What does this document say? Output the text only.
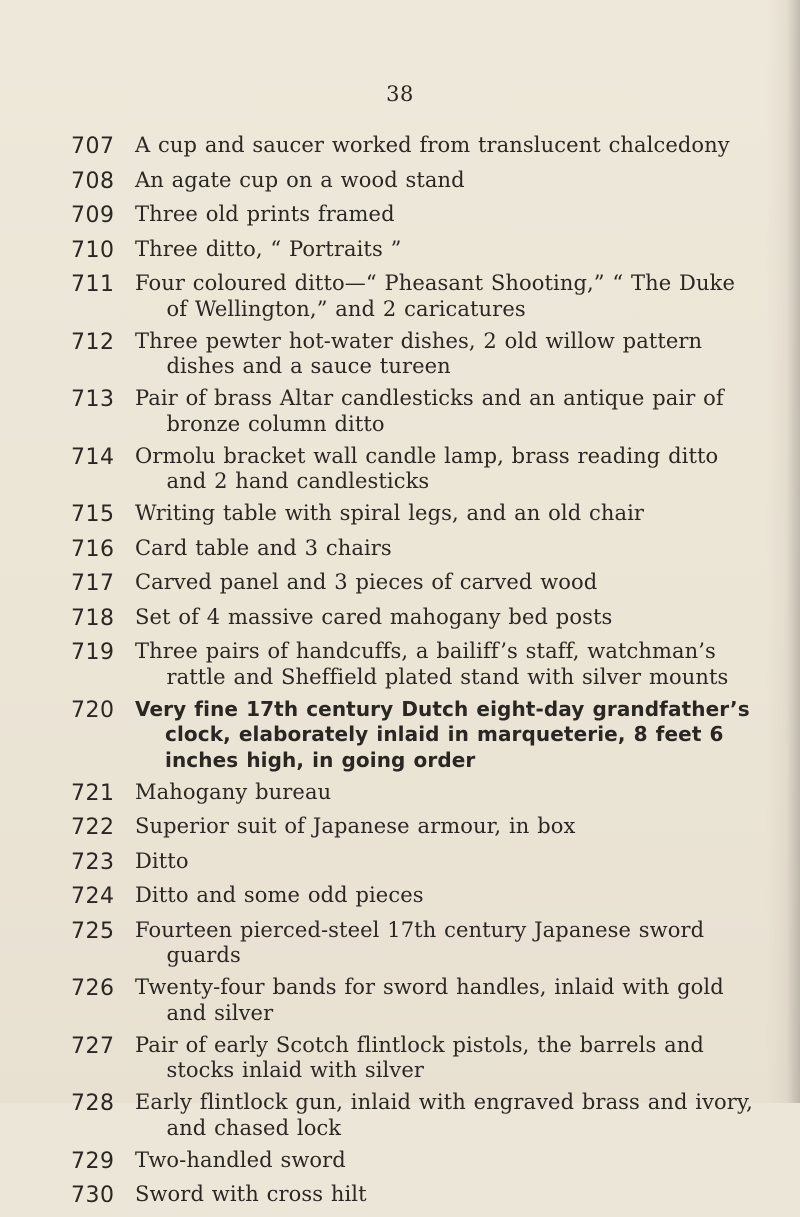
38
707 A cup and saucer worked from translucent chalcedony
708 An agate cup on a wood stand
709 Three old prints framed
710 Three ditto, “ Portraits ”
711 Four coloured ditto—“ Pheasant Shooting,” “ The Duke of Wellington,” and 2 caricatures
712 Three pewter hot-water dishes, 2 old willow pattern dishes and a sauce tureen
713 Pair of brass Altar candlesticks and an antique pair of bronze column ditto
714 Ormolu bracket wall candle lamp, brass reading ditto and 2 hand candlesticks
715 Writing table with spiral legs, and an old chair
716 Card table and 3 chairs
717 Carved panel and 3 pieces of carved wood
718 Set of 4 massive cared mahogany bed posts
719 Three pairs of handcuffs, a bailiff’s staff, watchman’s rattle and Sheffield plated stand with silver mounts
720	Very fine 17th century Dutch eight-day grandfather’s clock, elaborately inlaid in marqueterie, 8 feet 6 inches high, in going order
721 Mahogany bureau
722 Superior suit of Japanese armour, in box
723 Ditto
724 Ditto and some odd pieces
725 Fourteen pierced-steel 17th century Japanese sword guards
726 Twenty-four bands for sword handles, inlaid with gold and silver
727 Pair of early Scotch flintlock pistols, the barrels and stocks inlaid with silver
728 Early flintlock gun, inlaid with engraved brass and ivory, and chased lock
729 Two-handled sword
730 Sword with cross hilt
